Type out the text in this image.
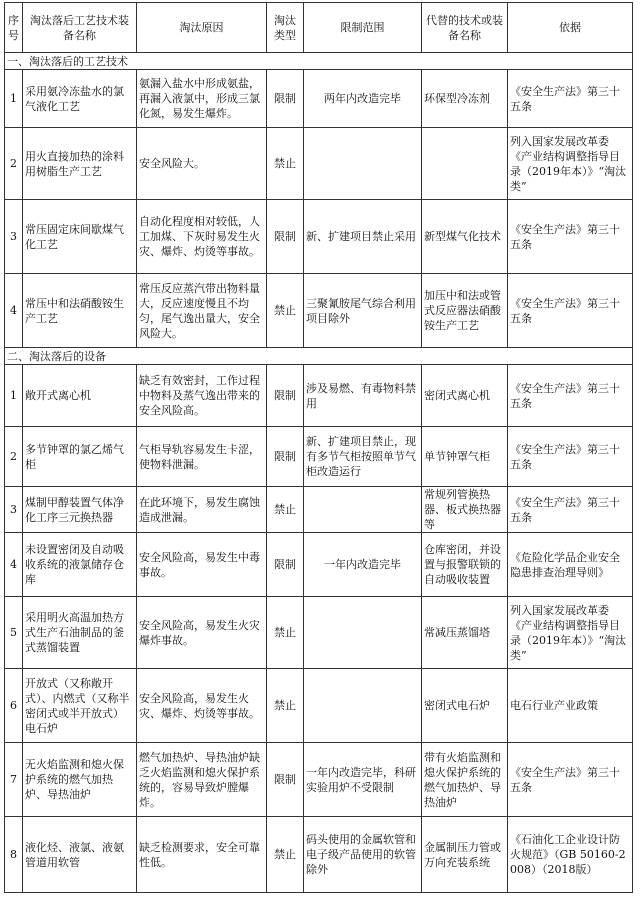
序号	淘汰落后工艺技术装备名称	淘汰原因	淘汰类型	限制范围	代替的技术或装备名称	依据
一、淘汰落后的工艺技术						
1	采用氨冷冻盐水的氯气液化工艺	氨漏入盐水中形成氨盐，再漏入液氯中，形成三氯化氮，易发生爆炸。	限制	两年内改造完毕	环保型冷冻剂	《安全生产法》第三十五条
2	用火直接加热的涂料用树脂生产工艺	安全风险大。	禁止			列入国家发展改革委《产业结构调整指导目录（2019年本）》“淘汰类”
3	常压固定床间歇煤气化工艺	自动化程度相对较低，人工加煤、下灰时易发生火灾、爆炸、灼烫等事故。	限制	新、扩建项目禁止采用	新型煤气化技术	《安全生产法》第三十五条
4	常压中和法硝酸铵生产工艺	常压反应蒸汽带出物料量大，反应速度慢且不均匀，尾气逸出量大，安全风险大。	禁止	三聚氰胺尾气综合利用项目除外	加压中和法或管式反应器法硝酸铵生产工艺	《安全生产法》第三十五条
二、淘汰落后的设备						
1	敞开式离心机	缺乏有效密封，工作过程中物料及蒸气逸出带来的安全风险高。	限制	涉及易燃、有毒物料禁用	密闭式离心机	《安全生产法》第三十五条
2	多节钟罩的氯乙烯气柜	气柜导轨容易发生卡涩，使物料泄漏。	限制	新、扩建项目禁止，现有多节气柜按照单节气柜改造运行	单节钟罩气柜	《安全生产法》第三十五条
3	煤制甲醇装置气体净化工序三元换热器	在此环境下，易发生腐蚀造成泄漏。	禁止		常规列管换热器、板式换热器等	《安全生产法》第三十五条
4	未设置密闭及自动吸收系统的液氯储存仓库	安全风险高，易发生中毒事故。	限制	一年内改造完毕	仓库密闭，并设置与报警联锁的自动吸收装置	《危险化学品企业安全隐患排查治理导则》
5	采用明火高温加热方式生产石油制品的釜式蒸馏装置	安全风险高，易发生火灾爆炸事故。	禁止		常减压蒸馏塔	列入国家发展改革委《产业结构调整指导目录（2019年本）》“淘汰类”
6	开放式（又称敞开式）、内燃式（又称半密闭式或半开放式）电石炉	安全风险高，易发生火灾、爆炸、灼烫等事故。	禁止		密闭式电石炉	电石行业产业政策
7	无火焰监测和熄火保护系统的燃气加热炉、导热油炉	燃气加热炉、导热油炉缺乏火焰监测和熄火保护系统的，容易导致炉膛爆炸。	限制	一年内改造完毕，科研实验用炉不受限制	带有火焰监测和熄火保护系统的燃气加热炉、导热油炉	《安全生产法》第三十五条
8	液化烃、液氯、液氨管道用软管	缺乏检测要求，安全可靠性低。	禁止	码头使用的金属软管和电子级产品使用的软管除外	金属制压力管或万向充装系统	《石油化工企业设计防火规范》（GB 50160-2008）（2018版）
